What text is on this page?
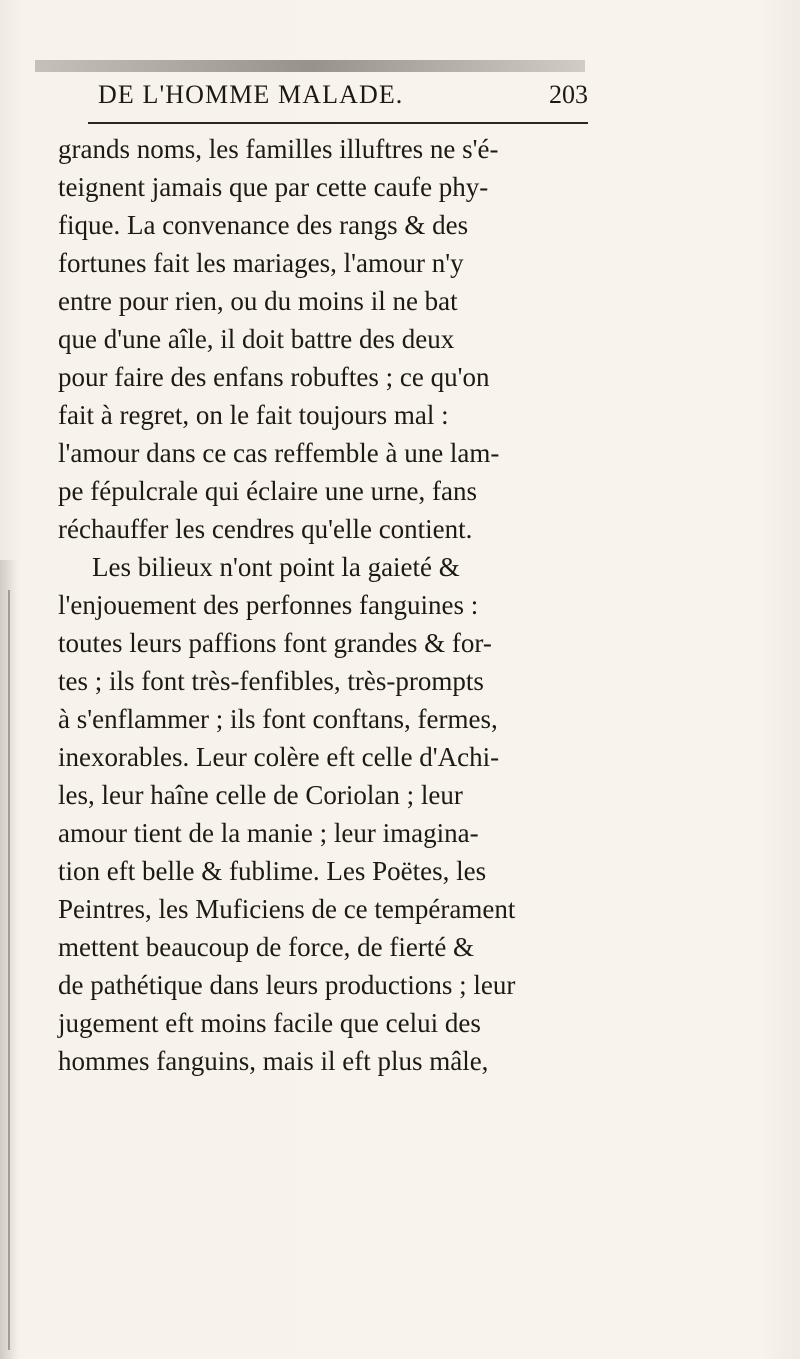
DE L'HOMME MALADE.	203
grands noms, les familles illuftres ne s'é-
teignent jamais que par cette caufe phy-
fique. La convenance des rangs & des
fortunes fait les mariages, l'amour n'y
entre pour rien, ou du moins il ne bat
que d'une aîle, il doit battre des deux
pour faire des enfans robuftes ; ce qu'on
fait à regret, on le fait toujours mal :
l'amour dans ce cas reffemble à une lam-
pe fépulcrale qui éclaire une urne, fans
réchauffer les cendres qu'elle contient.
Les bilieux n'ont point la gaieté &
l'enjouement des perfonnes fanguines :
toutes leurs paffions font grandes & for-
tes ; ils font très-fenfibles, très-prompts
à s'enflammer ; ils font conftans, fermes,
inexorables. Leur colère eft celle d'Achi-
les, leur haîne celle de Coriolan ; leur
amour tient de la manie ; leur imagina-
tion eft belle & fublime. Les Poëtes, les
Peintres, les Muficiens de ce tempérament
mettent beaucoup de force, de fierté &
de pathétique dans leurs productions ; leur
jugement eft moins facile que celui des
hommes fanguins, mais il eft plus mâle,
